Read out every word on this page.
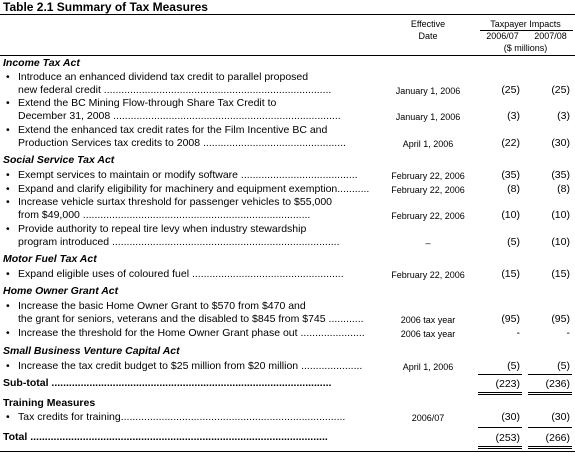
Table 2.1 Summary of Tax Measures
Effective
Date
Taxpayer Impacts
2006/07	2007/08
($ millions)
Income Tax Act
• Introduce an enhanced dividend tax credit to parallel proposed
new federal credit ..............................................................................	January 1, 2006	(25)	(25)
• Extend the BC Mining Flow-through Share Tax Credit to
December 31, 2008 ..............................................................................	January 1, 2006	(3)	(3)
• Extend the enhanced tax credit rates for the Film Incentive BC and
Production Services tax credits to 2008 .................................................	April 1, 2006	(22)	(30)
Social Service Tax Act
• Exempt services to maintain or modify software ........................................	February 22, 2006	(35)	(35)
• Expand and clarify eligibility for machinery and equipment exemption...........	February 22, 2006	(8)	(8)
• Increase vehicle surtax threshold for passenger vehicles to $55,000
from $49,000 ..............................................................................	February 22, 2006	(10)	(10)
• Provide authority to repeal tire levy when industry stewardship
program introduced ..............................................................................	–	(5)	(10)
Motor Fuel Tax Act
• Expand eligible uses of coloured fuel ....................................................	February 22, 2006	(15)	(15)
Home Owner Grant Act
• Increase the basic Home Owner Grant to $570 from $470 and
the grant for seniors, veterans and the disabled to $845 from $745 ............	2006 tax year	(95)	(95)
• Increase the threshold for the Home Owner Grant phase out ......................	2006 tax year	-	-
Small Business Venture Capital Act
• Increase the tax credit budget to $25 million from $20 million .....................	April 1, 2006	(5)	(5)
Sub-total ................................................................................................	(223)	(236)
Training Measures
• Tax credits for training.............................................................................	2006/07	(30)	(30)
Total ......................................................................................................	(253)	(266)
